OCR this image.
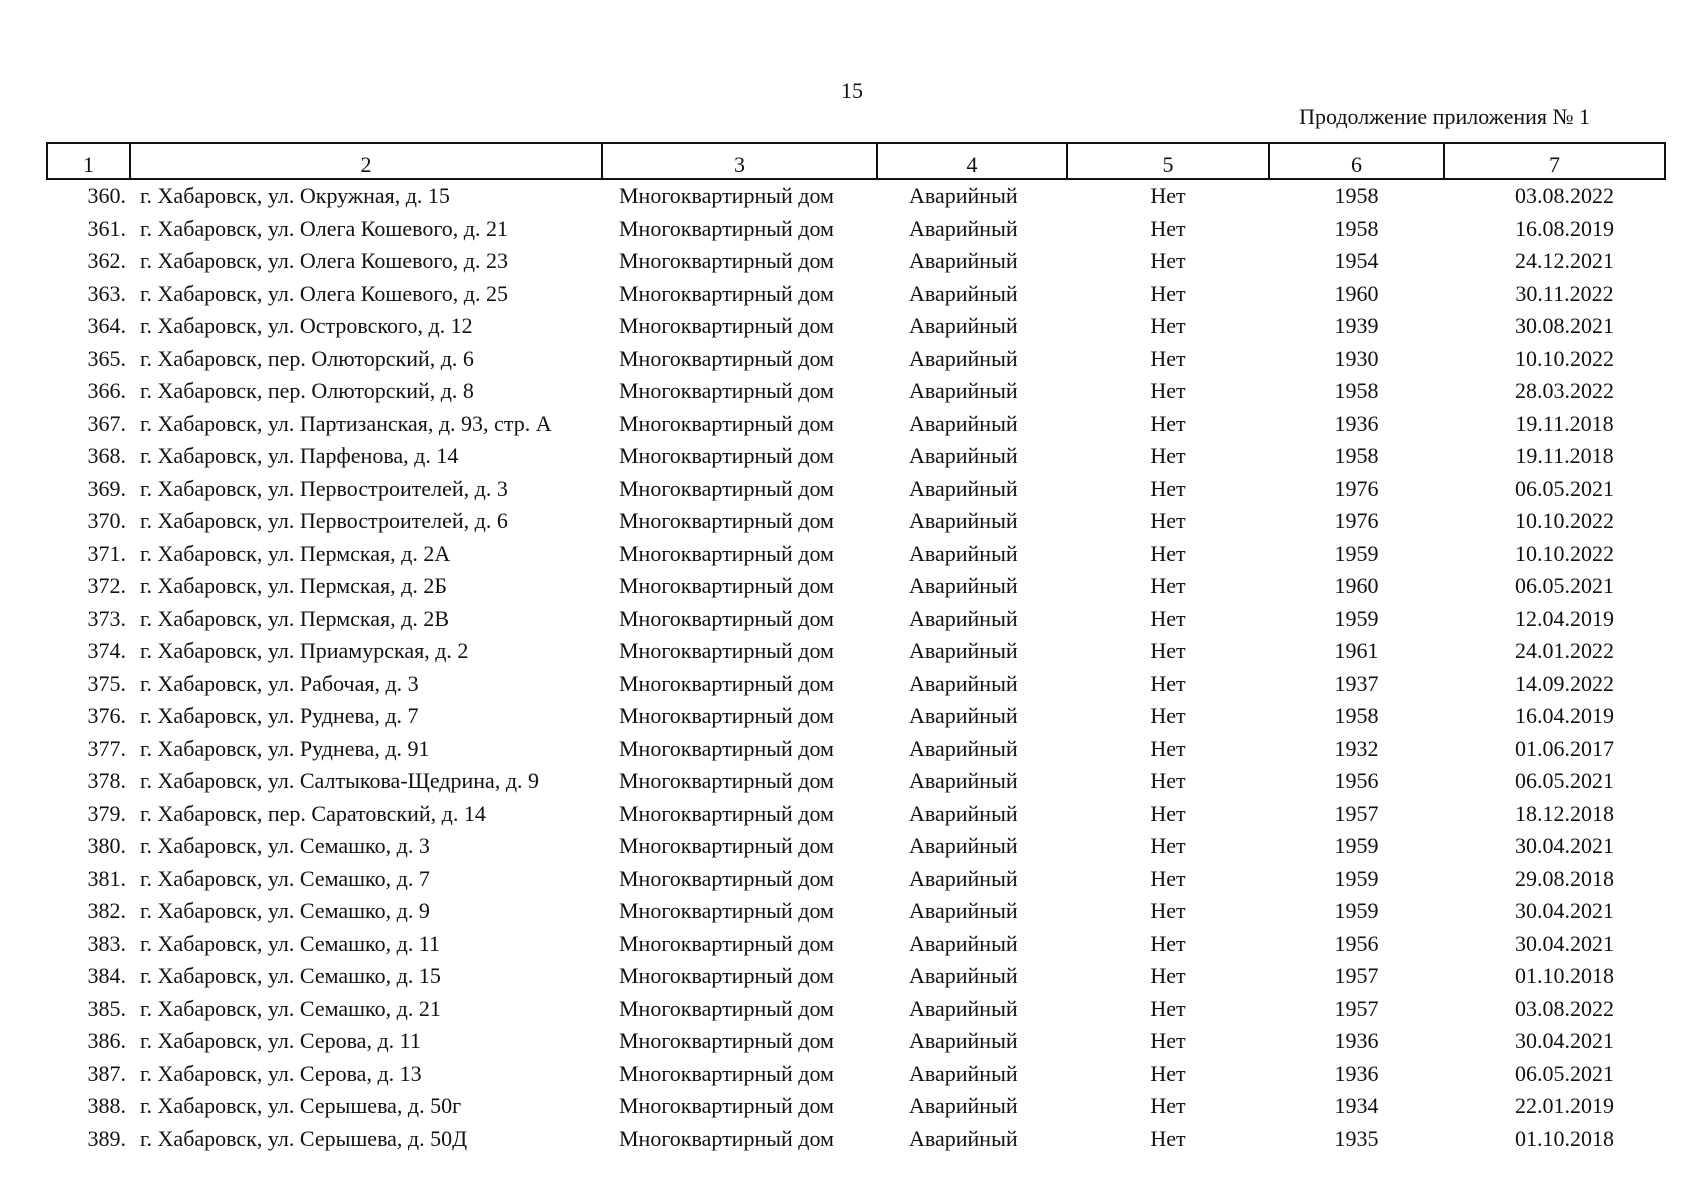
15
Продолжение приложения № 1
1	2	3	4	5	6	7
360.	г. Хабаровск, ул. Окружная, д. 15	Многоквартирный дом	Аварийный	Нет	1958	03.08.2022
361.	г. Хабаровск, ул. Олега Кошевого, д. 21	Многоквартирный дом	Аварийный	Нет	1958	16.08.2019
362.	г. Хабаровск, ул. Олега Кошевого, д. 23	Многоквартирный дом	Аварийный	Нет	1954	24.12.2021
363.	г. Хабаровск, ул. Олега Кошевого, д. 25	Многоквартирный дом	Аварийный	Нет	1960	30.11.2022
364.	г. Хабаровск, ул. Островского, д. 12	Многоквартирный дом	Аварийный	Нет	1939	30.08.2021
365.	г. Хабаровск, пер. Олюторский, д. 6	Многоквартирный дом	Аварийный	Нет	1930	10.10.2022
366.	г. Хабаровск, пер. Олюторский, д. 8	Многоквартирный дом	Аварийный	Нет	1958	28.03.2022
367.	г. Хабаровск, ул. Партизанская, д. 93, стр. А	Многоквартирный дом	Аварийный	Нет	1936	19.11.2018
368.	г. Хабаровск, ул. Парфенова, д. 14	Многоквартирный дом	Аварийный	Нет	1958	19.11.2018
369.	г. Хабаровск, ул. Первостроителей, д. 3	Многоквартирный дом	Аварийный	Нет	1976	06.05.2021
370.	г. Хабаровск, ул. Первостроителей, д. 6	Многоквартирный дом	Аварийный	Нет	1976	10.10.2022
371.	г. Хабаровск, ул. Пермская, д. 2А	Многоквартирный дом	Аварийный	Нет	1959	10.10.2022
372.	г. Хабаровск, ул. Пермская, д. 2Б	Многоквартирный дом	Аварийный	Нет	1960	06.05.2021
373.	г. Хабаровск, ул. Пермская, д. 2В	Многоквартирный дом	Аварийный	Нет	1959	12.04.2019
374.	г. Хабаровск, ул. Приамурская, д. 2	Многоквартирный дом	Аварийный	Нет	1961	24.01.2022
375.	г. Хабаровск, ул. Рабочая, д. 3	Многоквартирный дом	Аварийный	Нет	1937	14.09.2022
376.	г. Хабаровск, ул. Руднева, д. 7	Многоквартирный дом	Аварийный	Нет	1958	16.04.2019
377.	г. Хабаровск, ул. Руднева, д. 91	Многоквартирный дом	Аварийный	Нет	1932	01.06.2017
378.	г. Хабаровск, ул. Салтыкова-Щедрина, д. 9	Многоквартирный дом	Аварийный	Нет	1956	06.05.2021
379.	г. Хабаровск, пер. Саратовский, д. 14	Многоквартирный дом	Аварийный	Нет	1957	18.12.2018
380.	г. Хабаровск, ул. Семашко, д. 3	Многоквартирный дом	Аварийный	Нет	1959	30.04.2021
381.	г. Хабаровск, ул. Семашко, д. 7	Многоквартирный дом	Аварийный	Нет	1959	29.08.2018
382.	г. Хабаровск, ул. Семашко, д. 9	Многоквартирный дом	Аварийный	Нет	1959	30.04.2021
383.	г. Хабаровск, ул. Семашко, д. 11	Многоквартирный дом	Аварийный	Нет	1956	30.04.2021
384.	г. Хабаровск, ул. Семашко, д. 15	Многоквартирный дом	Аварийный	Нет	1957	01.10.2018
385.	г. Хабаровск, ул. Семашко, д. 21	Многоквартирный дом	Аварийный	Нет	1957	03.08.2022
386.	г. Хабаровск, ул. Серова, д. 11	Многоквартирный дом	Аварийный	Нет	1936	30.04.2021
387.	г. Хабаровск, ул. Серова, д. 13	Многоквартирный дом	Аварийный	Нет	1936	06.05.2021
388.	г. Хабаровск, ул. Серышева, д. 50г	Многоквартирный дом	Аварийный	Нет	1934	22.01.2019
389.	г. Хабаровск, ул. Серышева, д. 50Д	Многоквартирный дом	Аварийный	Нет	1935	01.10.2018
